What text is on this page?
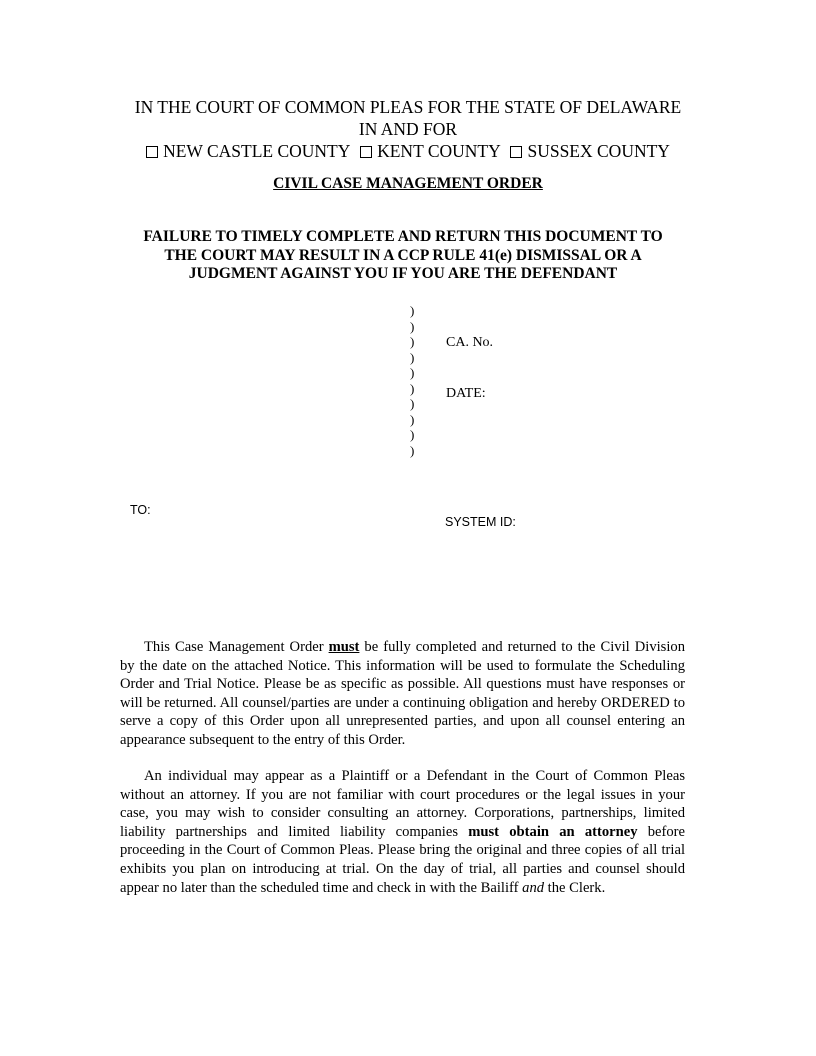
IN THE COURT OF COMMON PLEAS FOR THE STATE OF DELAWARE
IN AND FOR
NEW CASTLE COUNTY KENT COUNTY SUSSEX COUNTY
CIVIL CASE MANAGEMENT ORDER
FAILURE TO TIMELY COMPLETE AND RETURN THIS DOCUMENT TO
THE COURT MAY RESULT IN A CCP RULE 41(e) DISMISSAL OR A
JUDGMENT AGAINST YOU IF YOU ARE THE DEFENDANT
)
)
)
)
)
)
)
)
)
)
CA. No.
DATE:
TO:
SYSTEM ID:
This Case Management Order must be fully completed and returned to the Civil Division by the date on the attached Notice. This information will be used to formulate the Scheduling Order and Trial Notice. Please be as specific as possible. All questions must have responses or will be returned. All counsel/parties are under a continuing obligation and hereby ORDERED to serve a copy of this Order upon all unrepresented parties, and upon all counsel entering an appearance subsequent to the entry of this Order.
An individual may appear as a Plaintiff or a Defendant in the Court of Common Pleas without an attorney. If you are not familiar with court procedures or the legal issues in your case, you may wish to consider consulting an attorney. Corporations, partnerships, limited liability partnerships and limited liability companies must obtain an attorney before proceeding in the Court of Common Pleas. Please bring the original and three copies of all trial exhibits you plan on introducing at trial. On the day of trial, all parties and counsel should appear no later than the scheduled time and check in with the Bailiff and the Clerk.
